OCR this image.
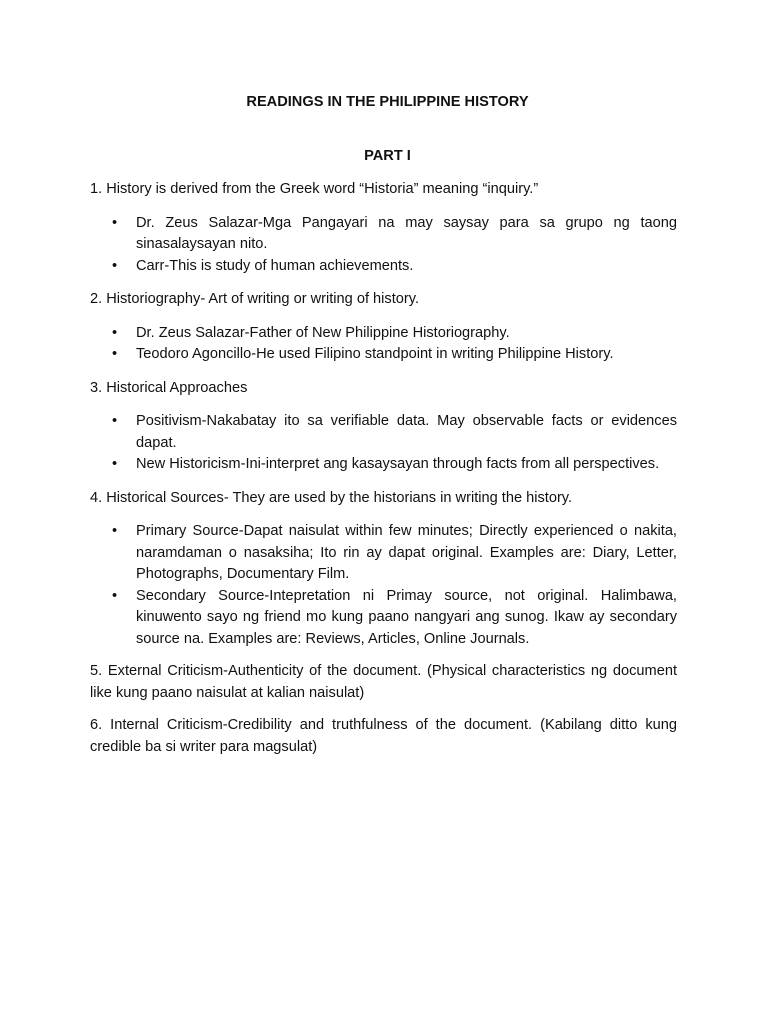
READINGS IN THE PHILIPPINE HISTORY
PART I

1. History is derived from the Greek word “Historia” meaning “inquiry.”

• Dr. Zeus Salazar-Mga Pangayari na may saysay para sa grupo ng taong sinasalaysayan nito.
• Carr-This is study of human achievements.

2. Historiography- Art of writing or writing of history.

• Dr. Zeus Salazar-Father of New Philippine Historiography.
• Teodoro Agoncillo-He used Filipino standpoint in writing Philippine History.

3. Historical Approaches

• Positivism-Nakabatay ito sa verifiable data. May observable facts or evidences dapat.
• New Historicism-Ini-interpret ang kasaysayan through facts from all perspectives.

4. Historical Sources- They are used by the historians in writing the history.

• Primary Source-Dapat naisulat within few minutes; Directly experienced o nakita, naramdaman o nasaksiha; Ito rin ay dapat original. Examples are: Diary, Letter, Photographs, Documentary Film.
• Secondary Source-Intepretation ni Primay source, not original. Halimbawa, kinuwento sayo ng friend mo kung paano nangyari ang sunog. Ikaw ay secondary source na. Examples are: Reviews, Articles, Online Journals.

5. External Criticism-Authenticity of the document. (Physical characteristics ng document like kung paano naisulat at kalian naisulat)

6. Internal Criticism-Credibility and truthfulness of the document. (Kabilang ditto kung credible ba si writer para magsulat)
